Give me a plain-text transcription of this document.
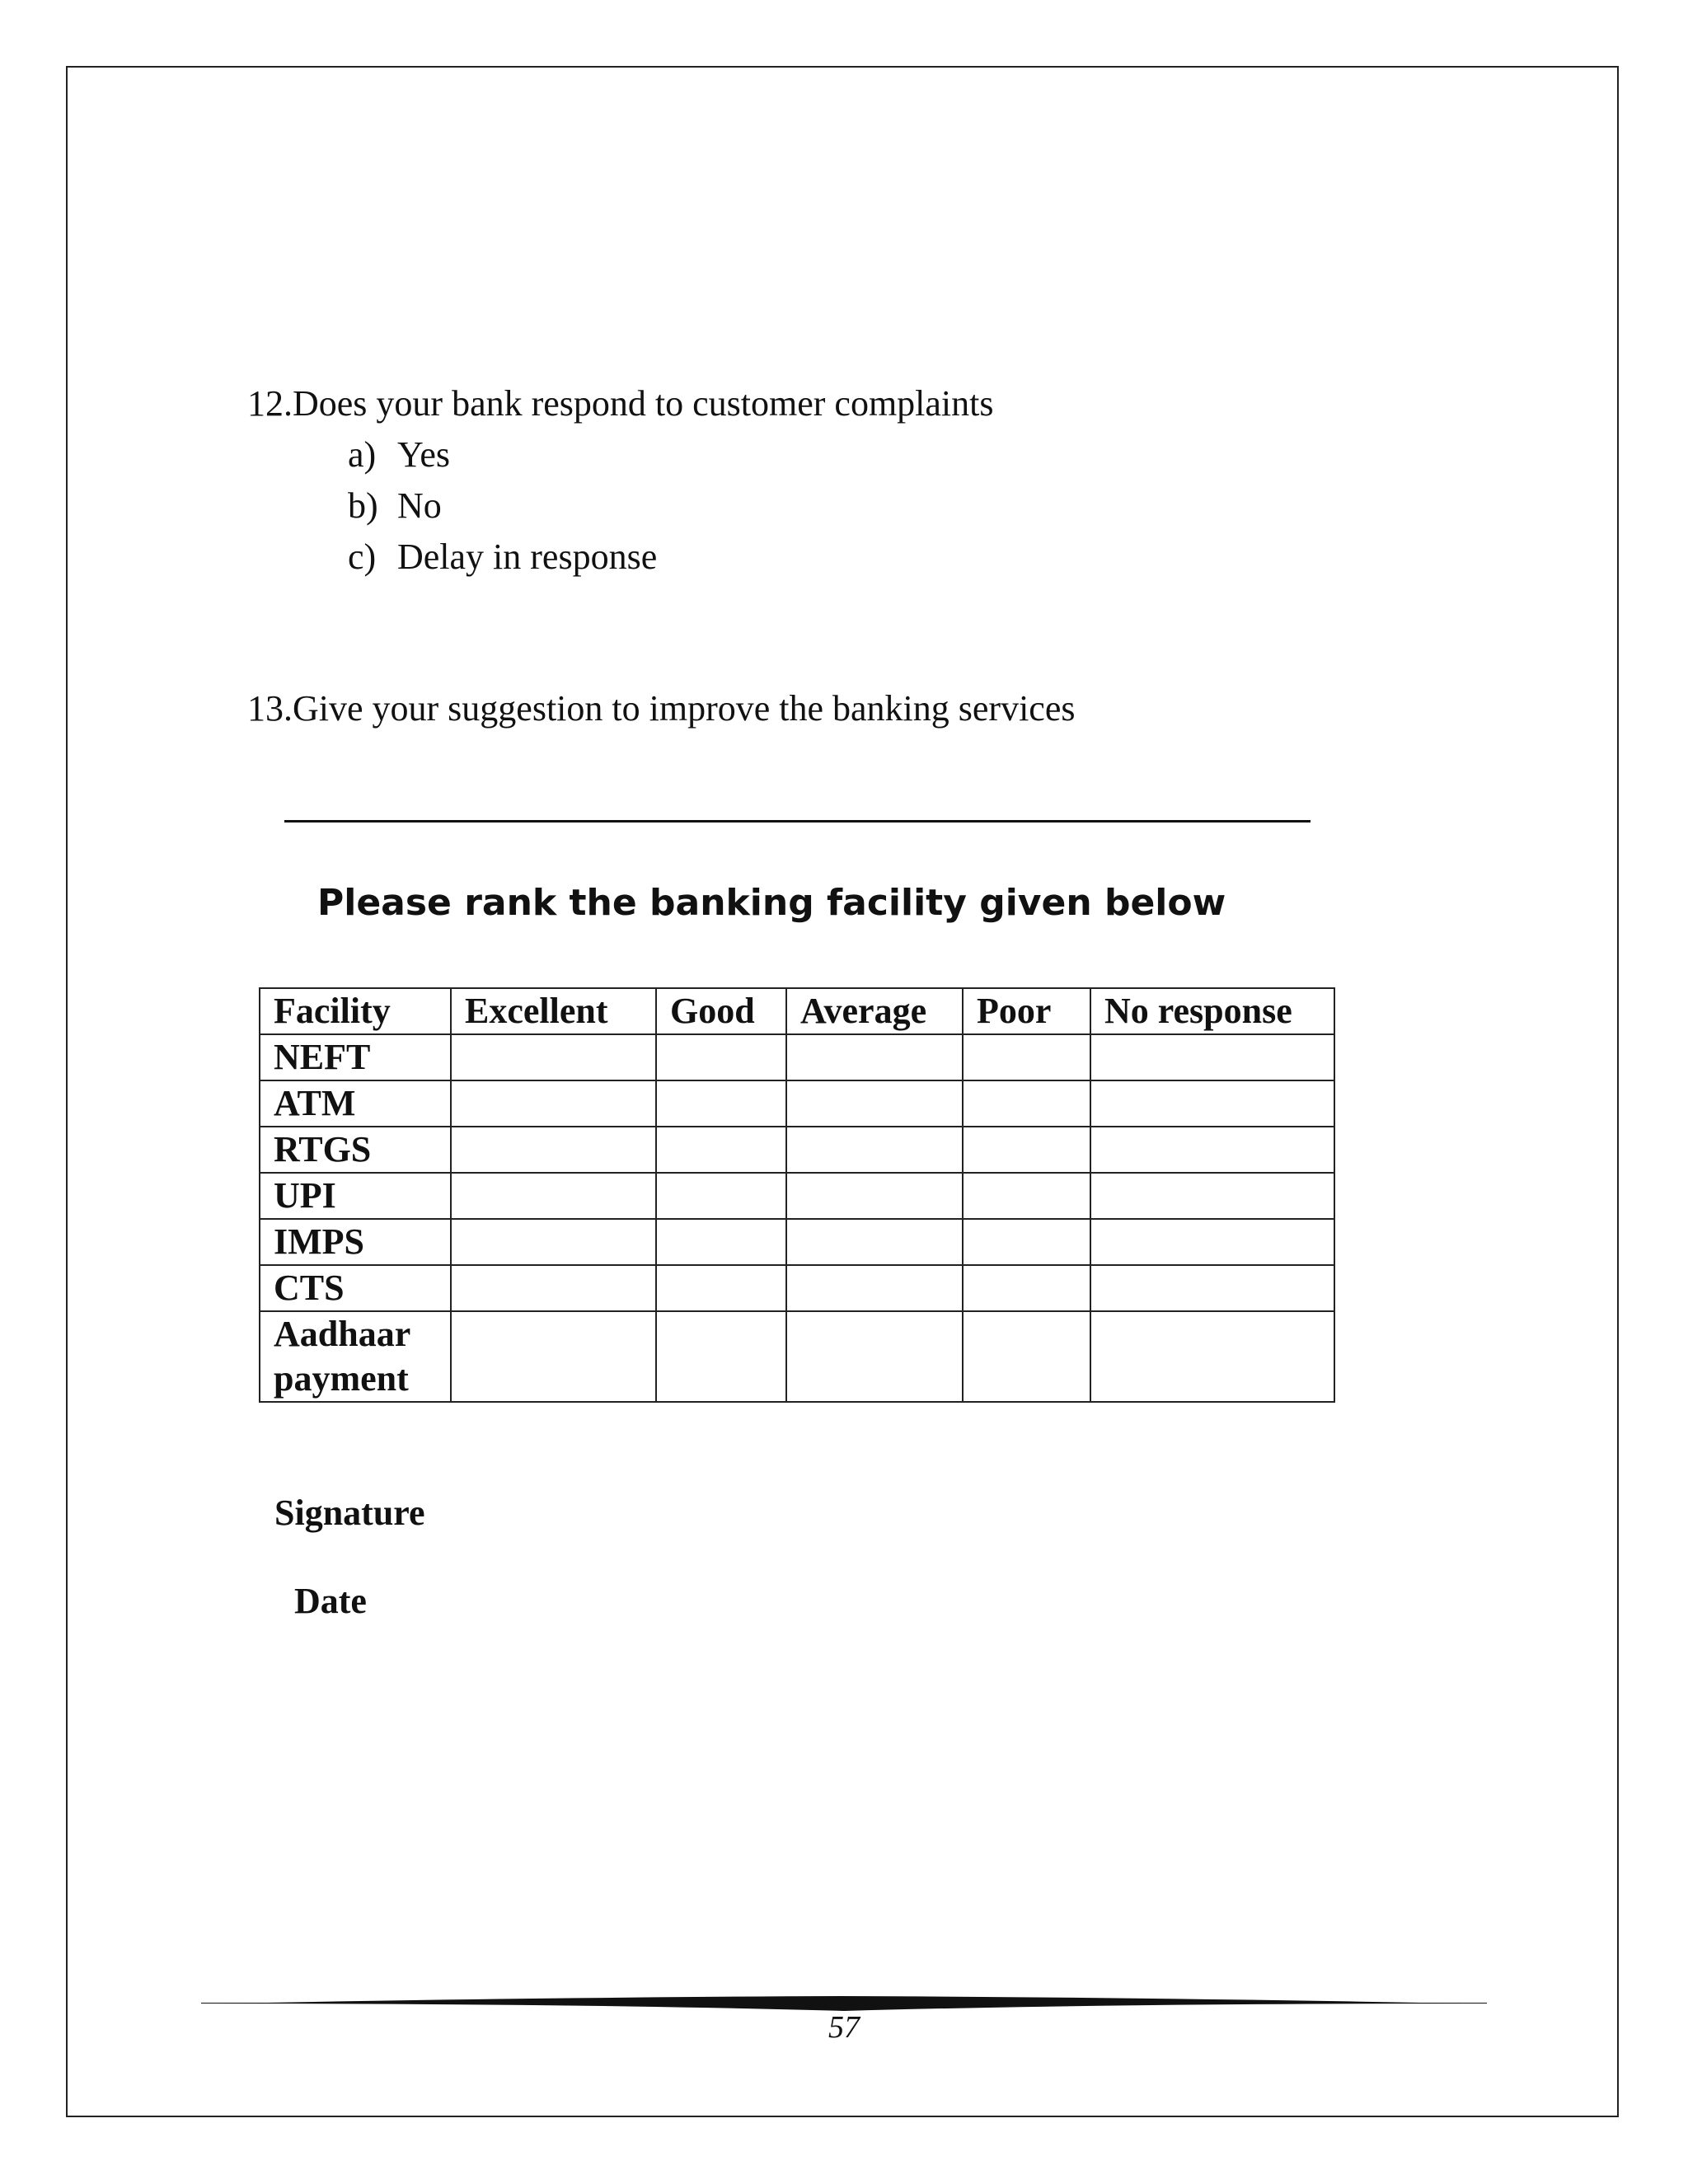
12.Does your bank respond to customer complaints
a) Yes
b) No
c) Delay in response
13.Give your suggestion to improve the banking services
Please rank the banking facility given below
Facility	Excellent	Good	Average	Poor	No response
NEFT					
ATM					
RTGS					
UPI					
IMPS					
CTS					
Aadhaar payment					
Signature
Date
57
